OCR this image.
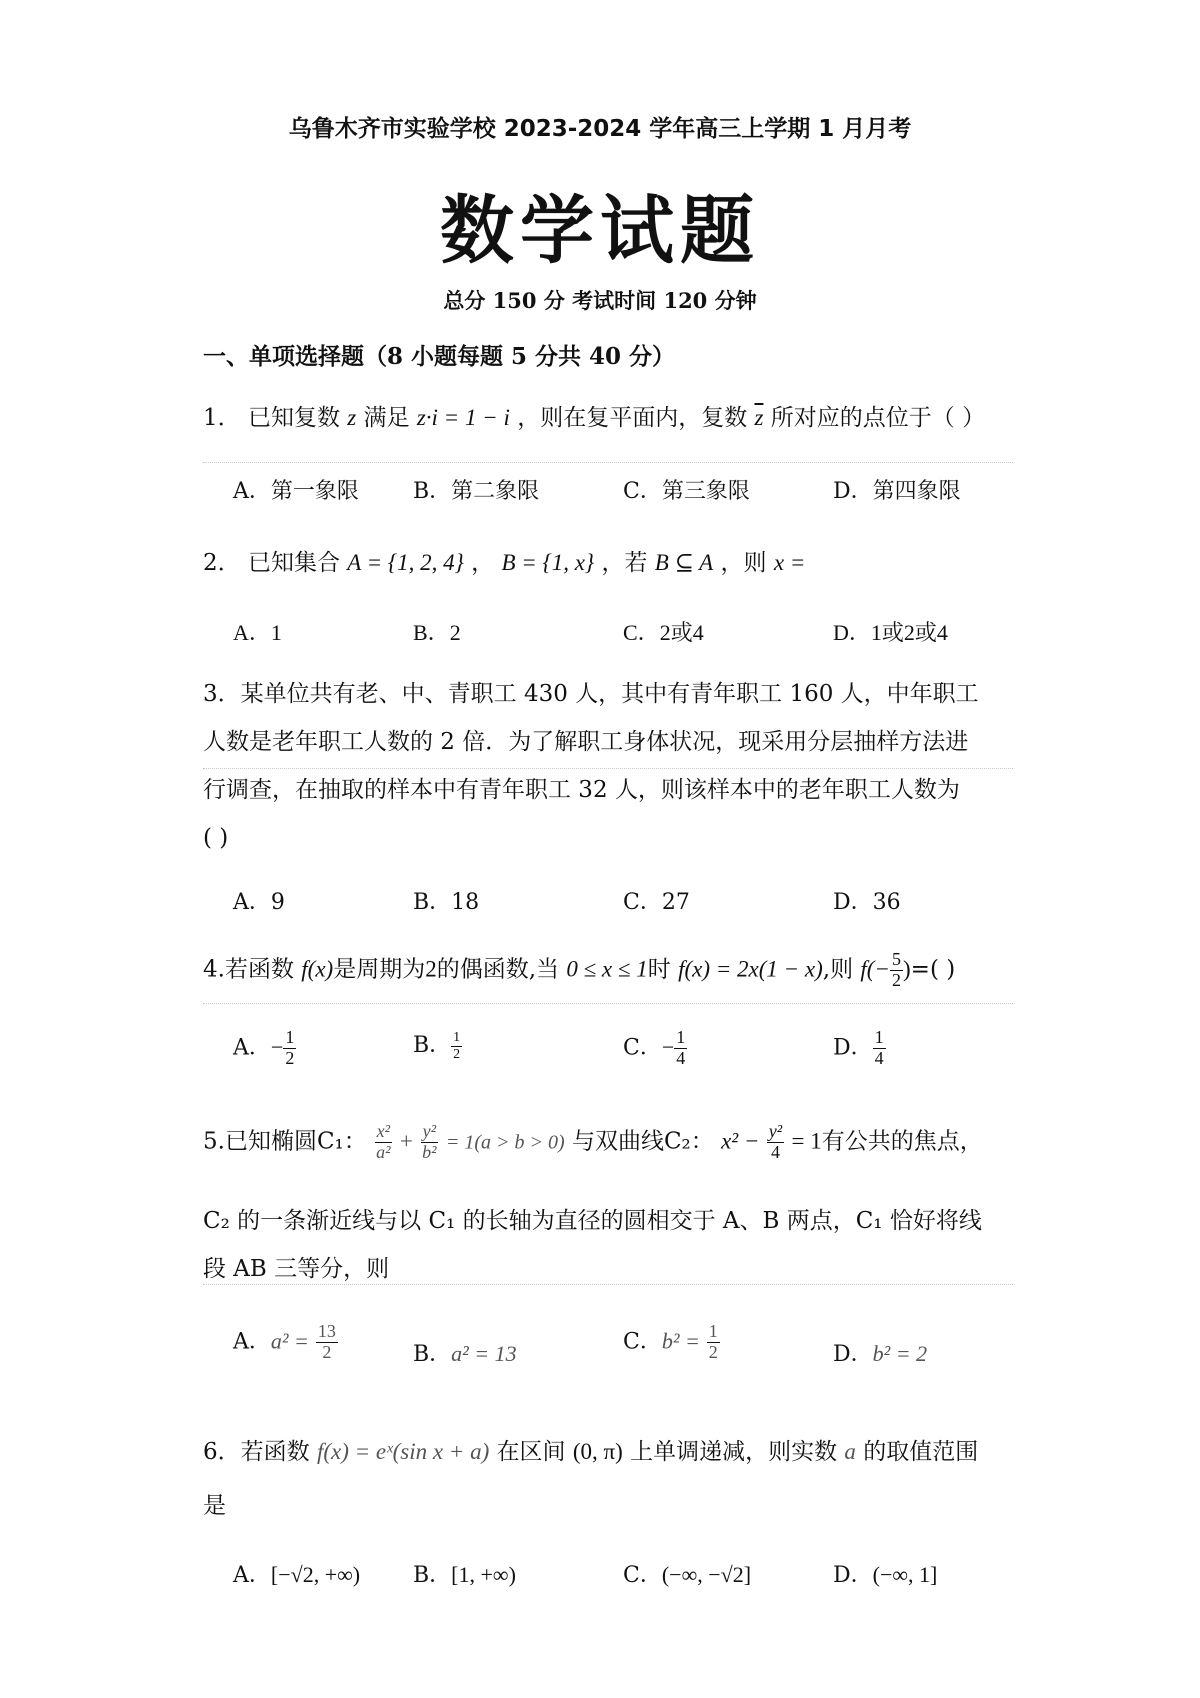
乌鲁木齐市实验学校 2023-2024 学年高三上学期 1 月月考
数学试题
总分 150 分 考试时间 120 分钟
一、单项选择题（8 小题每题 5 分共 40 分）
1． 已知复数 z 满足 z·i = 1 − i ，则在复平面内，复数 $\overline{z}$ 所对应的点位于（ ）
A．第一象限 B．第二象限	C．第三象限	D．第四象限
2． 已知集合 A = {1, 2, 4} ， B = {1, x} ，若 B ⊆ A ，则 x =
A．1	B．2	C．2或4	D．1或2或4
3．某单位共有老、中、青职工 430 人，其中有青年职工 160 人，中年职工
人数是老年职工人数的 2 倍．为了解职工身体状况，现采用分层抽样方法进
行调查，在抽取的样本中有青年职工 32 人，则该样本中的老年职工人数为
( )
A．9	B．18	C．27	D．36
4.若函数 f(x)是周期为2的偶函数,当 0 ≤ x ≤ 1时 f(x) = 2x(1 − x),则 $f(- \frac{5}{2}$ )=( )
A．− $\frac{1}{2}$	B． $\frac{1}{2}$	C．− $\frac{1}{4}$	D． $\frac{1}{4}$
5.已知椭圆C₁： $\frac{\text{x²}}{\text{a²}} + \frac{\text{y²}}{\text{b²}} = 1(a > b > 0)$ 与双曲线C₂： $x^2 - \frac{\text{y²}}{4} = 1$有公共的焦点，
C₂ 的一条渐近线与以 C₁ 的长轴为直径的圆相交于 A、B 两点，C₁ 恰好将线
段 AB 三等分，则
A．$a^2 = \frac{13}{2}$	B．a² = 13	C．$b^2 = \frac{1}{2}$	D．b² = 2
6．若函数 f(x) = eˣ(sin x + a) 在区间 (0, π) 上单调递减，则实数 a 的取值范围
是
A．[−√2, +∞) B．[1, +∞)	C．(−∞, −√2]	D．(−∞, 1]
